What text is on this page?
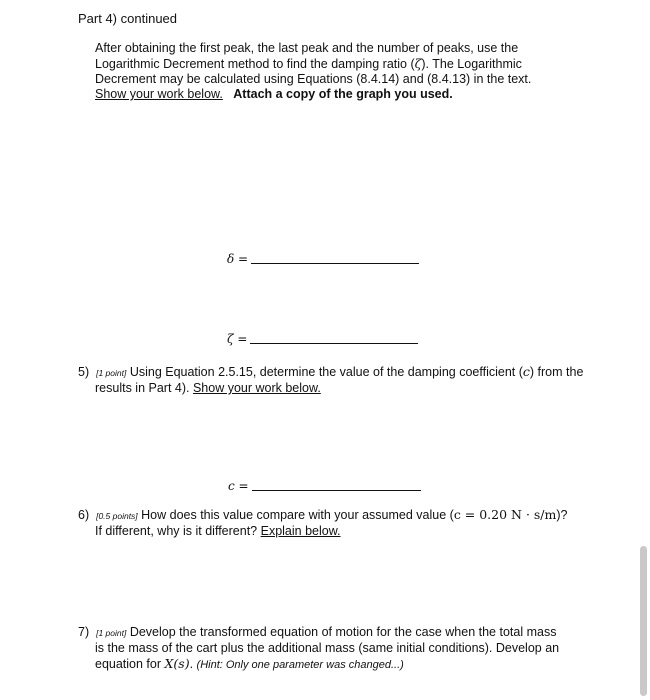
Part 4) continued
After obtaining the first peak, the last peak and the number of peaks, use the
Logarithmic Decrement method to find the damping ratio (ζ). The Logarithmic
Decrement may be calculated using Equations (8.4.14) and (8.4.13) in the text.
Show your work below. Attach a copy of the graph you used.
δ =
ζ =
5) [1 point] Using Equation 2.5.15, determine the value of the damping coefficient (c) from the
results in Part 4). Show your work below.
c =
6) [0.5 points] How does this value compare with your assumed value (c = 0.20 N · s/m)?
If different, why is it different? Explain below.
7) [1 point] Develop the transformed equation of motion for the case when the total mass
is the mass of the cart plus the additional mass (same initial conditions). Develop an
equation for X(s). (Hint: Only one parameter was changed...)
